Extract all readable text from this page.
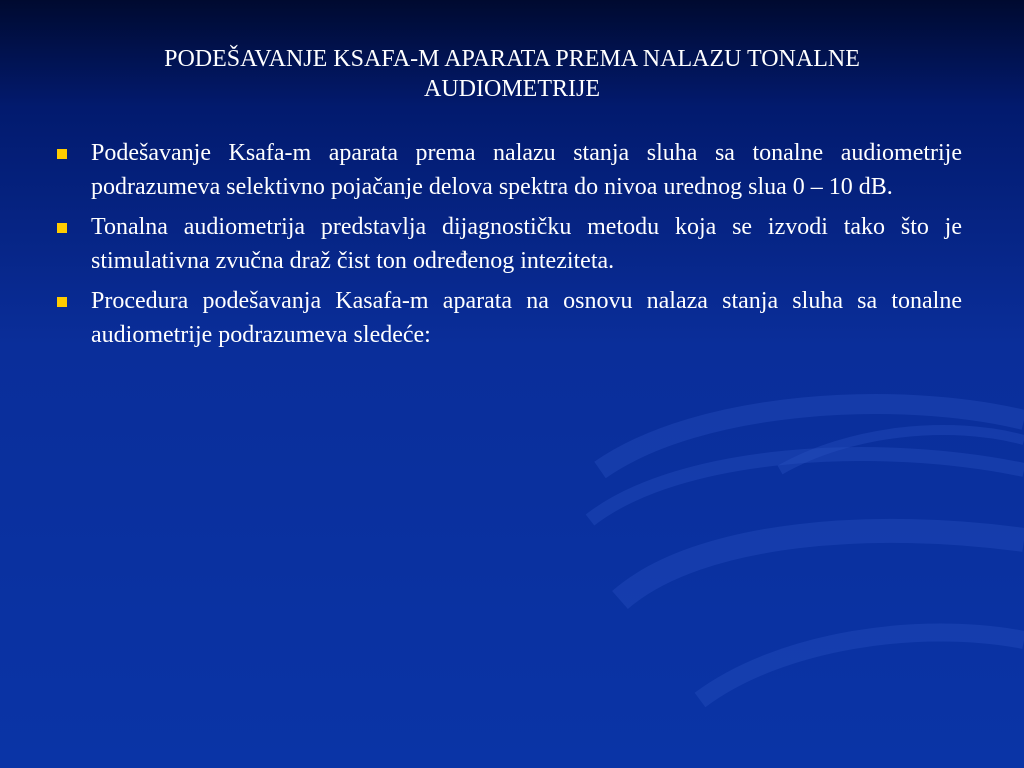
PODEŠAVANJE KSAFA-M APARATA PREMA NALAZU TONALNE AUDIOMETRIJE
Podešavanje Ksafa-m aparata prema nalazu stanja sluha sa tonalne audiometrije podrazumeva selektivno pojačanje delova spektra do nivoa urednog slua 0 – 10 dB.
Tonalna audiometrija predstavlja dijagnostičku metodu koja se izvodi tako što je stimulativna zvučna draž čist ton određenog inteziteta.
Procedura podešavanja Kasafa-m aparata na osnovu nalaza stanja sluha sa tonalne audiometrije podrazumeva sledeće:
